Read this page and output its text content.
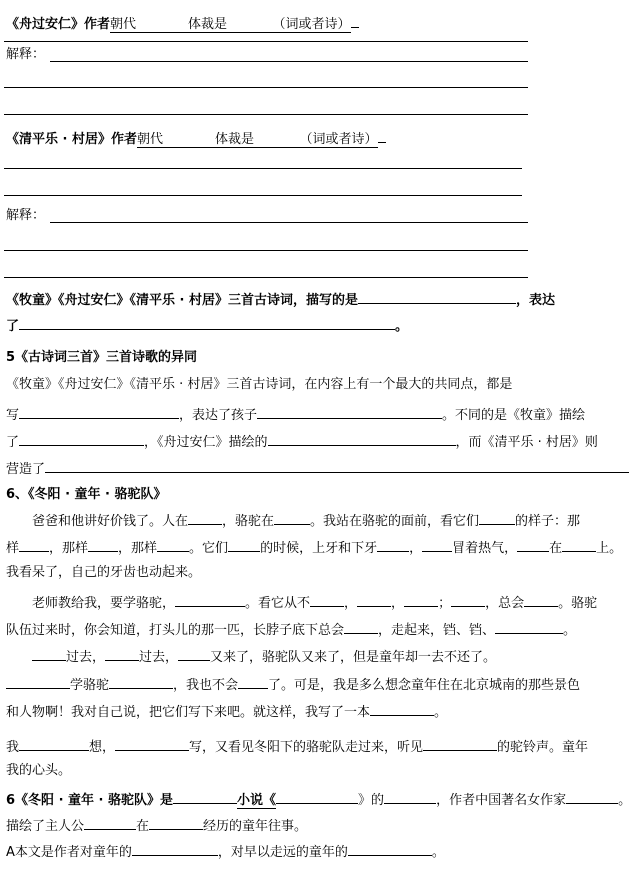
《舟过安仁》作者朝代　　　　体裁是　　　　（词或者诗）
解释：
《清平乐 · 村居》作者朝代　　　　体裁是　　　　（词或者诗）
解释：
《牧童》《舟过安仁》《清平乐 · 村居》三首古诗词，描写的是	，表达
了	。
5《古诗词三首》三首诗歌的异同
《牧童》《舟过安仁》《清平乐 · 村居》三首古诗词，在内容上有一个最大的共同点，都是
写	，表达了孩子	。不同的是《牧童》描绘
了	，《舟过安仁》描绘的	，而《清平乐 · 村居》则
营造了
6、《冬阳 · 童年 · 骆驼队》
爸爸和他讲好价钱了。人在	，骆驼在	。我站在骆驼的面前，看它们	的样子：那
样 ，那样 ，那样 。它们 的时候，上牙和下牙 ， 冒着热气， 在	上。
我看呆了，自己的牙齿也动起来。
老师教给我，要学骆驼，	。看它从不	，	，	；	，总会	。骆驼
队伍过来时，你会知道，打头儿的那一匹，长脖子底下总会	，走起来，铛、铛、	。
过去，	过去， 又来了，骆驼队又来了，但是童年却一去不还了。
学骆驼	，我也不会 了。可是，我是多么想念童年住在北京城南的那些景色
和人物啊！我对自己说，把它们写下来吧。就这样，我写了一本	。
我	想，	写，又看见冬阳下的骆驼队走过来，听见	的驼铃声。童年
我的心头。
6《冬阳 · 童年 · 骆驼队》是	小说《	》的	，作者中国著名女作家	。
描绘了主人公	在	经历的童年往事。
A本文是作者对童年的	，对早以走远的童年的	。
